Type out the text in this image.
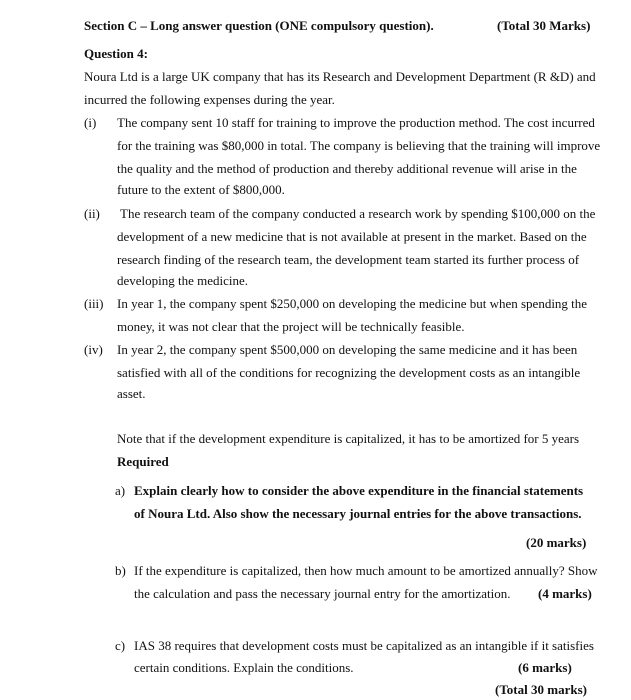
Section C – Long answer question (ONE compulsory question).	(Total 30 Marks)
Question 4:
Noura Ltd is a large UK company that has its Research and Development Department (R &D) and
incurred the following expenses during the year.
(i) The company sent 10 staff for training to improve the production method. The cost incurred
for the training was $80,000 in total. The company is believing that the training will improve
the quality and the method of production and thereby additional revenue will arise in the
future to the extent of $800,000.
(ii) The research team of the company conducted a research work by spending $100,000 on the
development of a new medicine that is not available at present in the market. Based on the
research finding of the research team, the development team started its further process of
developing the medicine.
(iii) In year 1, the company spent $250,000 on developing the medicine but when spending the
money, it was not clear that the project will be technically feasible.
(iv) In year 2, the company spent $500,000 on developing the same medicine and it has been
satisfied with all of the conditions for recognizing the development costs as an intangible
asset.
Note that if the development expenditure is capitalized, it has to be amortized for 5 years
Required
a) Explain clearly how to consider the above expenditure in the financial statements
of Noura Ltd. Also show the necessary journal entries for the above transactions.
(20 marks)
b) If the expenditure is capitalized, then how much amount to be amortized annually? Show
the calculation and pass the necessary journal entry for the amortization. (4 marks)
c) IAS 38 requires that development costs must be capitalized as an intangible if it satisfies
certain conditions. Explain the conditions.	(6 marks)
(Total 30 marks)
